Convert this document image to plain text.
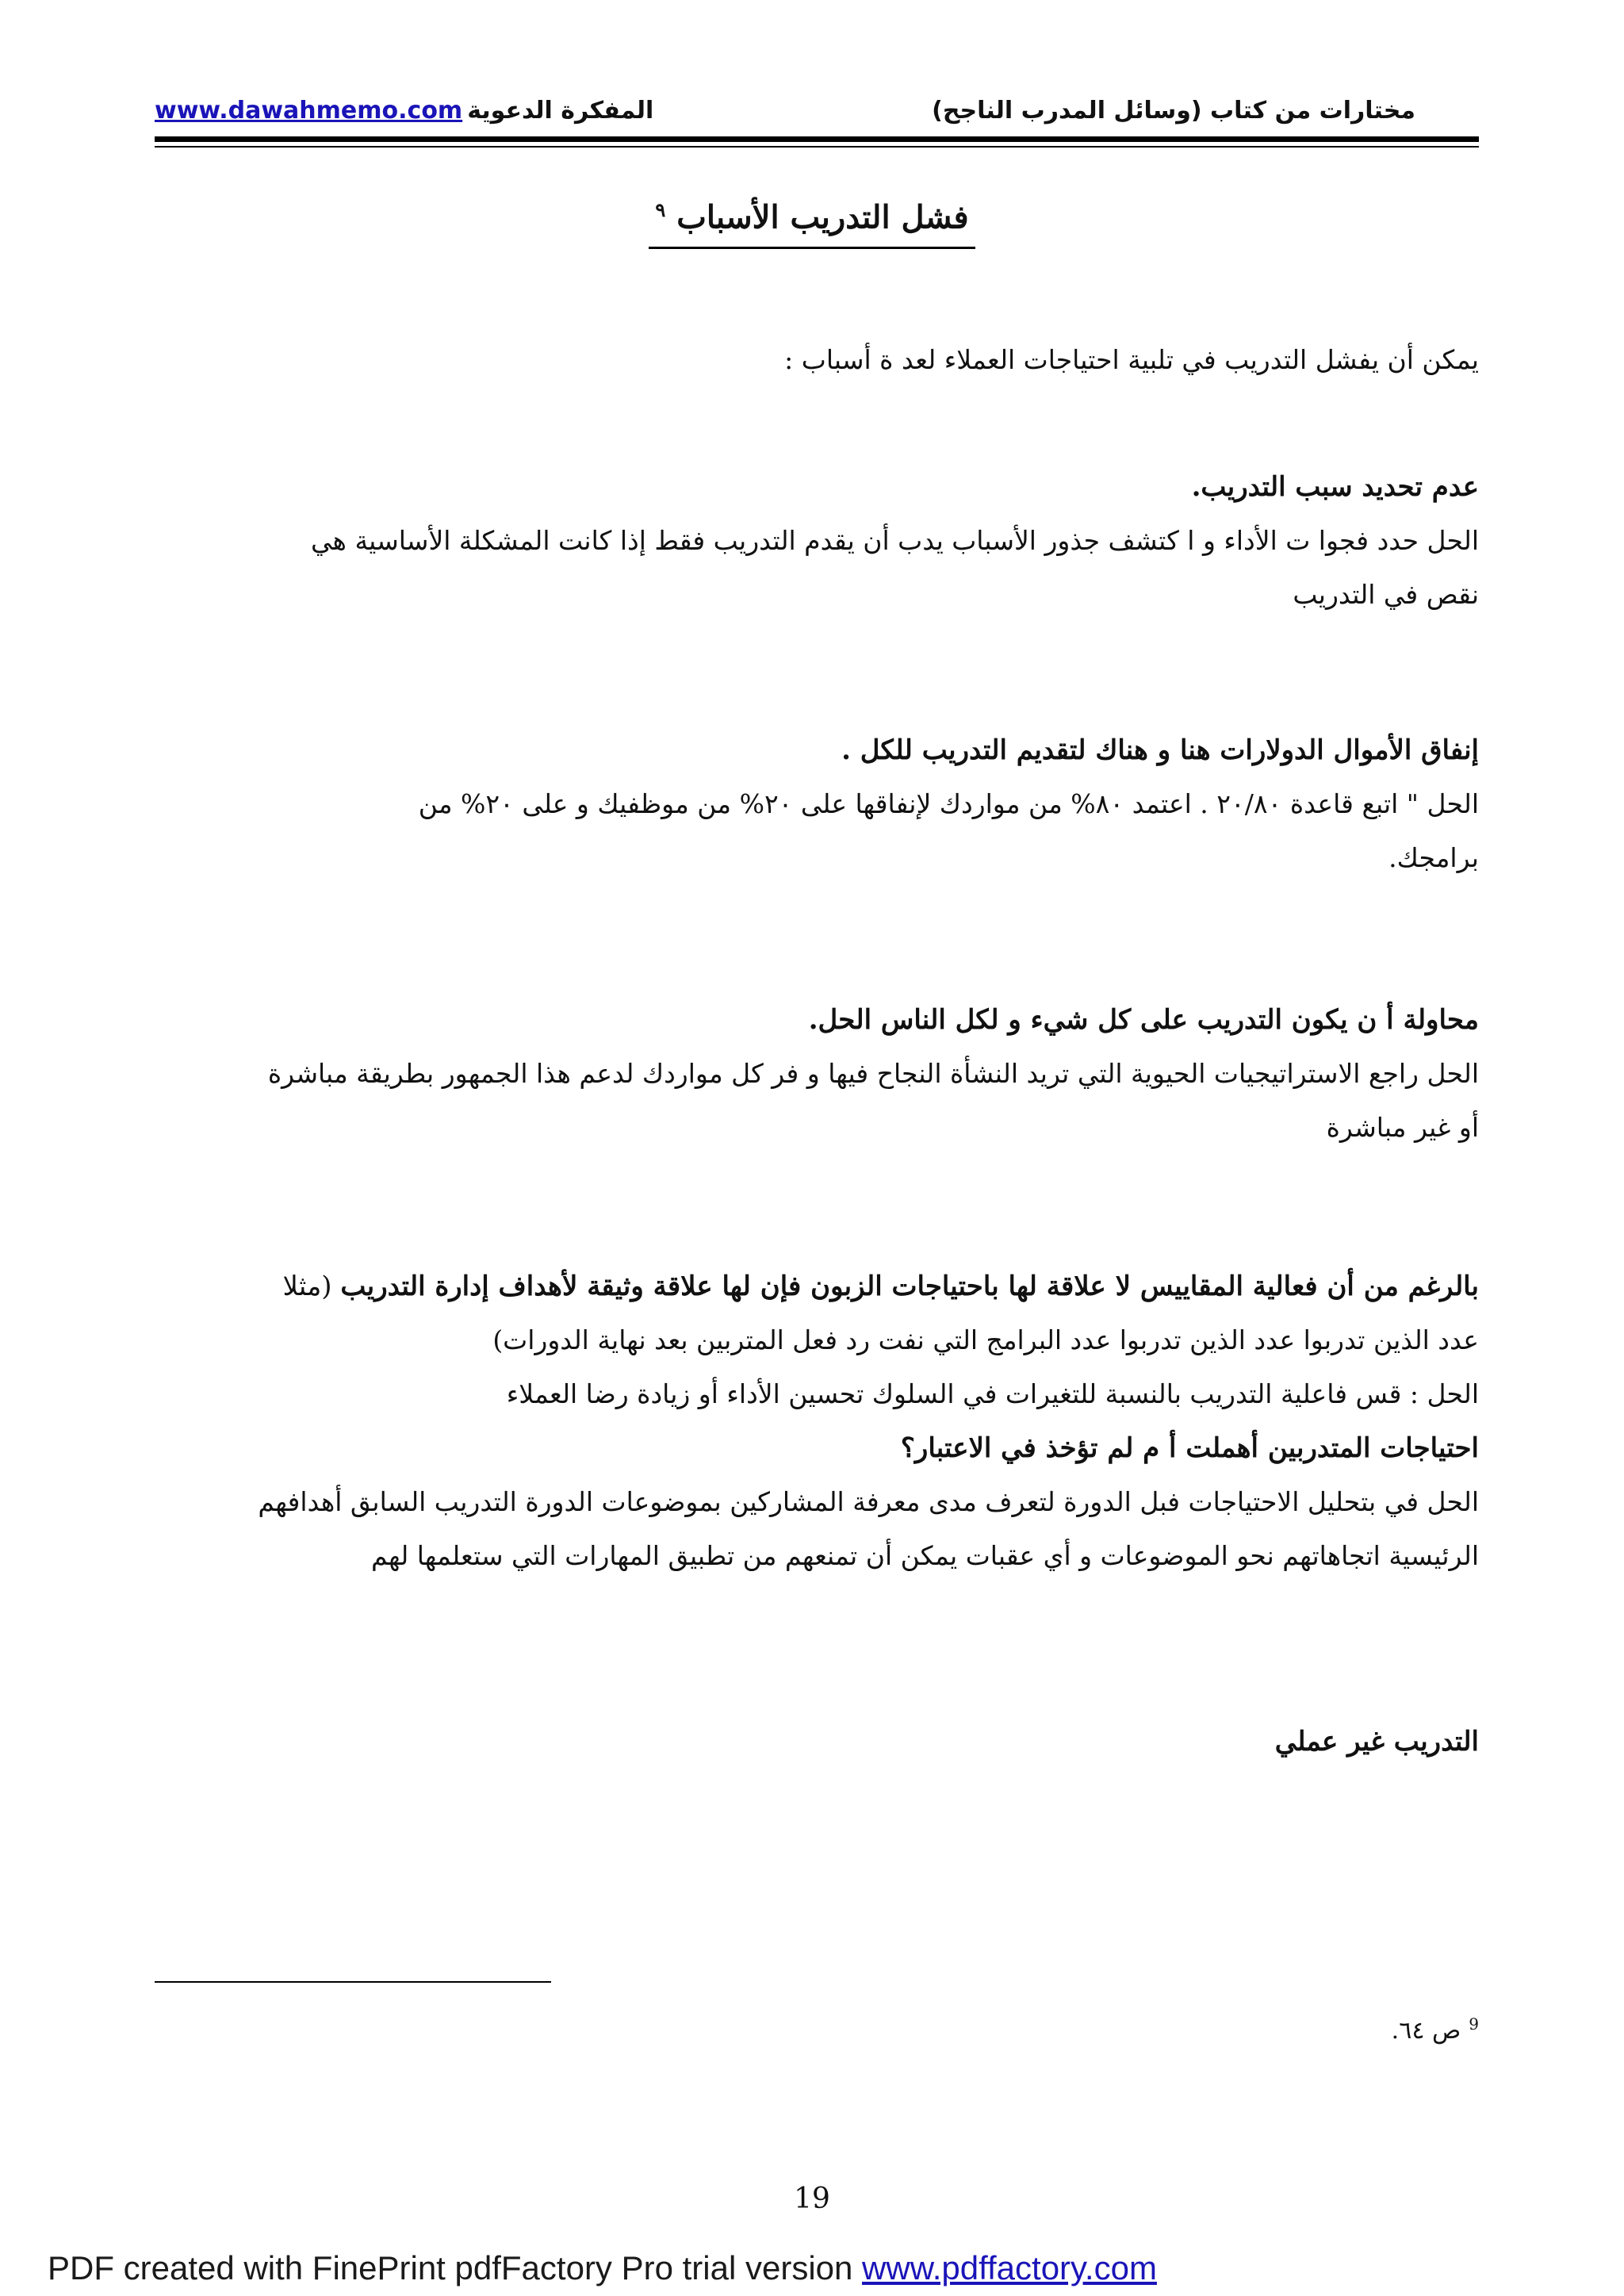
www.dawahmemo.com المفكرة الدعوية	مختارات من كتاب (وسائل المدرب الناجح)
فشل التدريب الأسباب $^٩$

يمكن أن يفشل التدريب في تلبية احتياجات العملاء لعد ة أسباب :

عدم تحديد سبب التدريب.

الحل حدد فجوا ت الأداء و ا كتشف جذور الأسباب يدب أن يقدم التدريب فقط إذا كانت المشكلة الأساسية هي

نقص في التدريب

إنفاق الأموال الدولارات هنا و هناك لتقديم التدريب للكل .

الحل " اتبع قاعدة ٢٠/٨٠ . اعتمد ٨٠% من مواردك لإنفاقها على ٢٠% من موظفيك و على ٢٠% من

برامجك.

محاولة أ ن يكون التدريب على كل شيء و لكل الناس الحل.

الحل راجع الاستراتيجيات الحيوية التي تريد النشأة النجاح فيها و فر كل مواردك لدعم هذا الجمهور بطريقة مباشرة

أو غير مباشرة

بالرغم من أن فعالية المقاييس لا علاقة لها باحتياجات الزبون فإن لها علاقة وثيقة لأهداف إدارة التدريب (مثلا

عدد الذين تدربوا عدد الذين تدربوا عدد البرامج التي نفت رد فعل المتربين بعد نهاية الدورات)

الحل : قس فاعلية التدريب بالنسبة للتغيرات في السلوك تحسين الأداء أو زيادة رضا العملاء

احتياجات المتدربين أهملت أ م لم تؤخذ في الاعتبار؟

الحل في بتحليل الاحتياجات فبل الدورة لتعرف مدى معرفة المشاركين بموضوعات الدورة التدريب السابق أهدافهم

الرئيسية اتجاهاتهم نحو الموضوعات و أي عقبات يمكن أن تمنعهم من تطبيق المهارات التي ستعلمها لهم

التدريب غير عملي

$^9$ص ٦٤.
19
PDF created with FinePrint pdfFactory Pro trial version www.pdffactory.com
